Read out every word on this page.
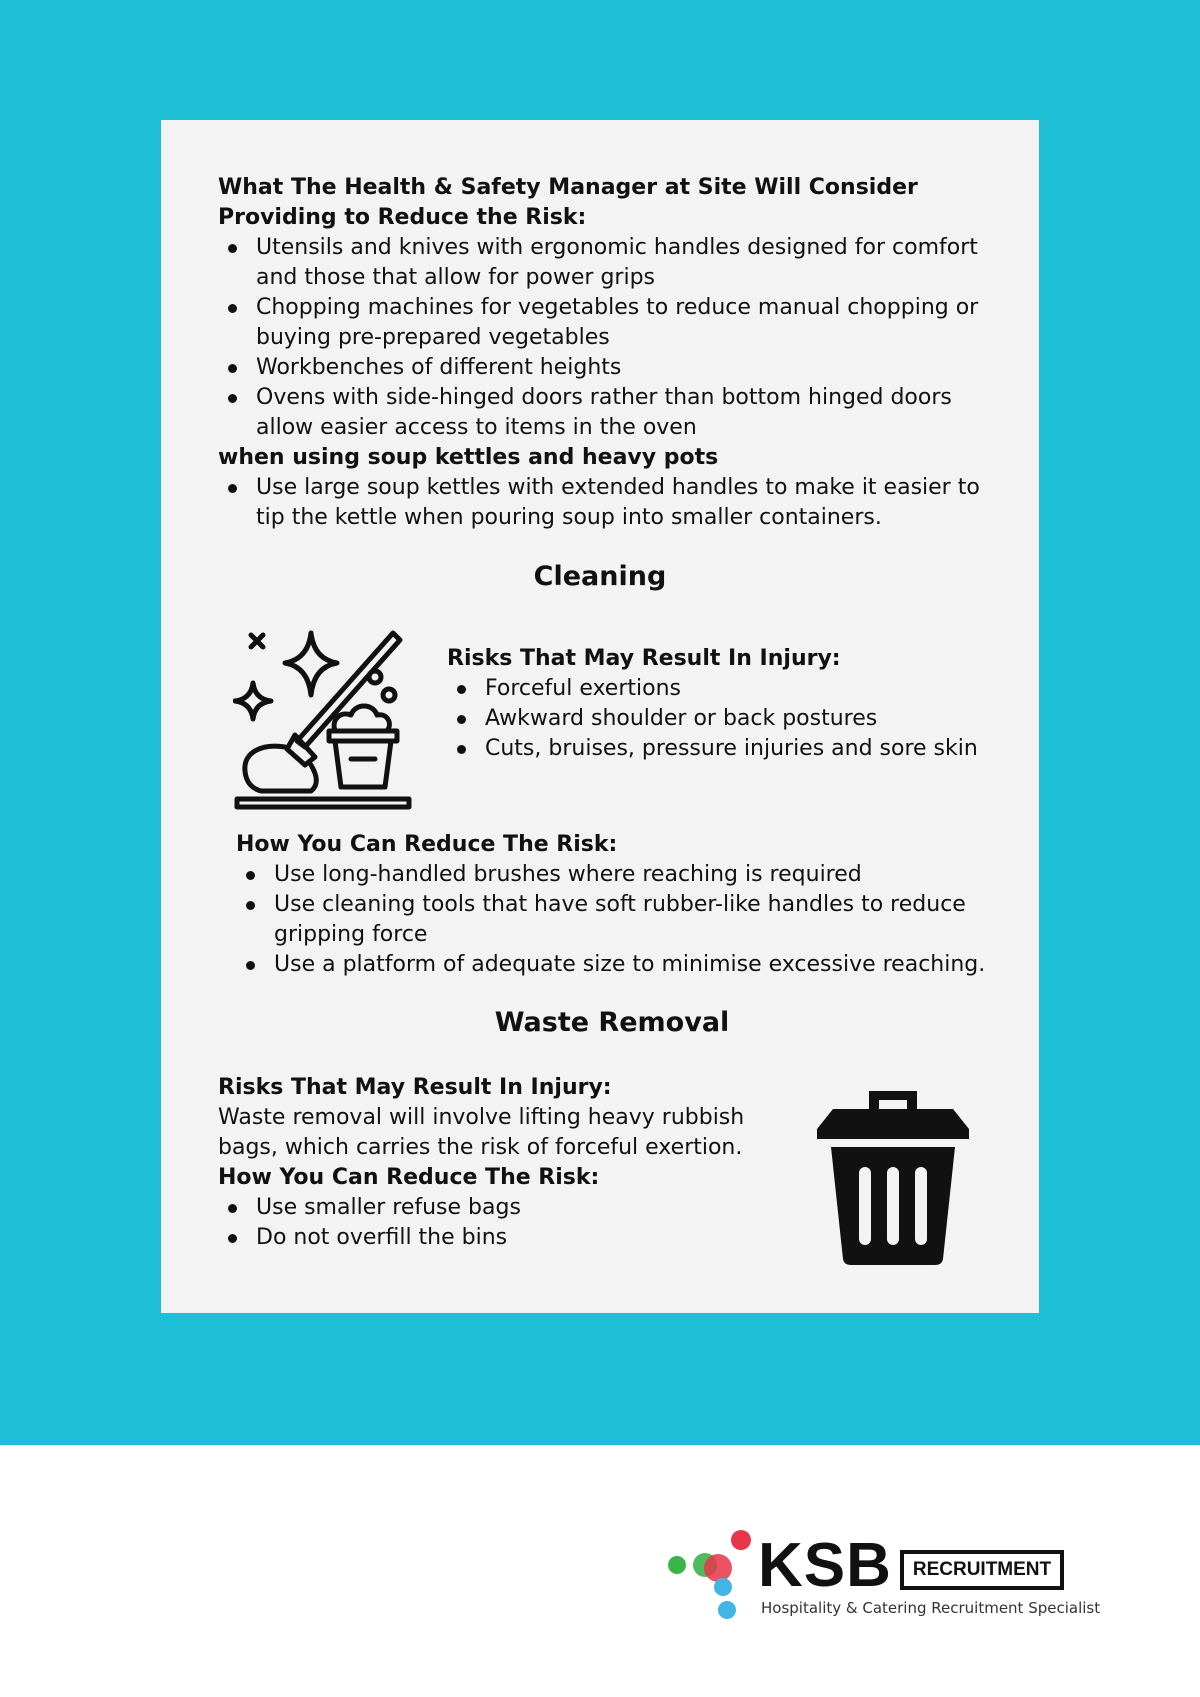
What The Health & Safety Manager at Site Will Consider Providing to Reduce the Risk:

Utensils and knives with ergonomic handles designed for comfort and those that allow for power grips
Chopping machines for vegetables to reduce manual chopping or buying pre-prepared vegetables
Workbenches of different heights
Ovens with side-hinged doors rather than bottom hinged doors allow easier access to items in the oven

when using soup kettles and heavy pots

Use large soup kettles with extended handles to make it easier to tip the kettle when pouring soup into smaller containers.

Cleaning

Risks That May Result In Injury:

Forceful exertions
Awkward shoulder or back postures
Cuts, bruises, pressure injuries and sore skin

How You Can Reduce The Risk:

Use long-handled brushes where reaching is required
Use cleaning tools that have soft rubber-like handles to reduce gripping force
Use a platform of adequate size to minimise excessive reaching.

Waste Removal

Risks That May Result In Injury:

Waste removal will involve lifting heavy rubbish bags, which carries the risk of forceful exertion.

How You Can Reduce The Risk:

Use smaller refuse bags
Do not overfill the bins
KSB	RECRUITMENT
Hospitality & Catering Recruitment Specialist
